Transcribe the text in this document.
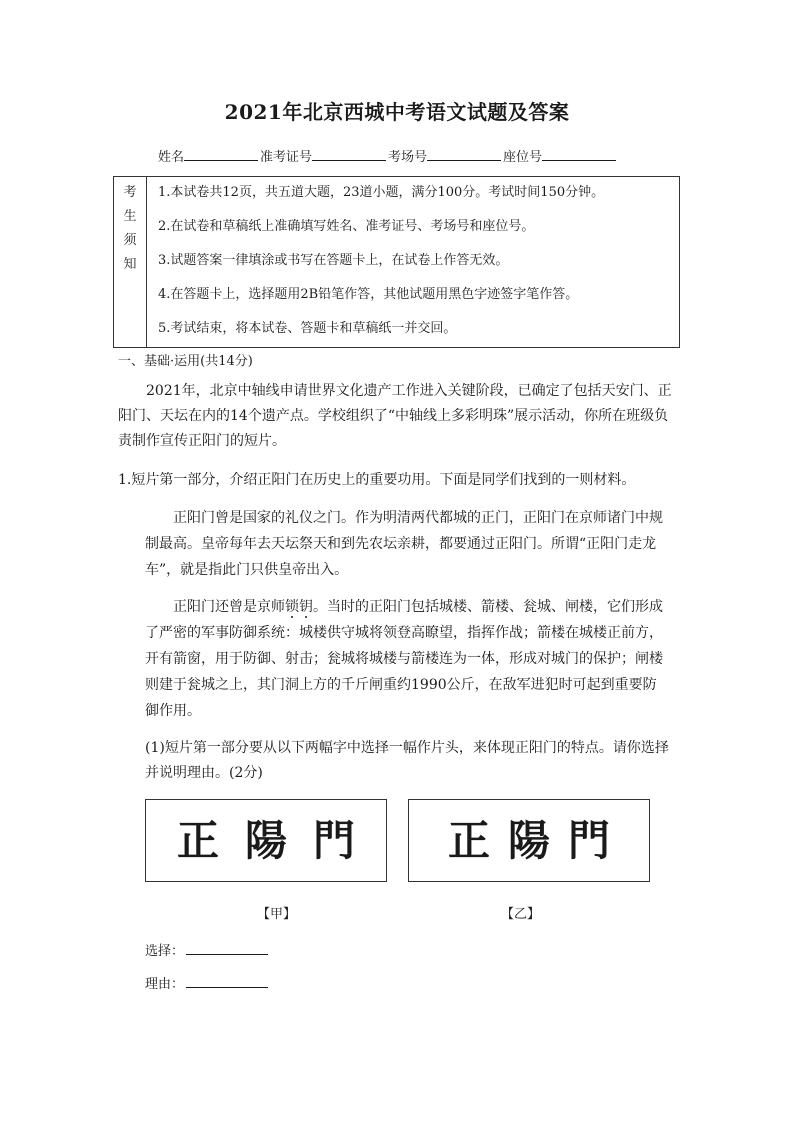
2021年北京西城中考语文试题及答案
姓名	准考证号	考场号	座位号
考
生
须
知
1.本试卷共12页，共五道大题，23道小题，满分100分。考试时间150分钟。
2.在试卷和草稿纸上准确填写姓名、准考证号、考场号和座位号。
3.试题答案一律填涂或书写在答题卡上，在试卷上作答无效。
4.在答题卡上，选择题用2B铅笔作答，其他试题用黑色字迹签字笔作答。
5.考试结束，将本试卷、答题卡和草稿纸一并交回。
一、基础·运用(共14分)
2021年，北京中轴线申请世界文化遗产工作进入关键阶段，已确定了包括天安门、正阳门、天坛在内的14个遗产点。学校组织了“中轴线上多彩明珠”展示活动，你所在班级负责制作宣传正阳门的短片。
1.短片第一部分，介绍正阳门在历史上的重要功用。下面是同学们找到的一则材料。
正阳门曾是国家的礼仪之门。作为明清两代都城的正门，正阳门在京师诸门中规制最高。皇帝每年去天坛祭天和到先农坛亲耕，都要通过正阳门。所谓“正阳门走龙车”，就是指此门只供皇帝出入。
正阳门还曾是京师锁钥。当时的正阳门包括城楼、箭楼、瓮城、闸楼，它们形成了严密的军事防御系统：城楼供守城将领登高瞭望，指挥作战；箭楼在城楼正前方，开有箭窗，用于防御、射击；瓮城将城楼与箭楼连为一体，形成对城门的保护；闸楼则建于瓮城之上，其门洞上方的千斤闸重约1990公斤，在敌军进犯时可起到重要防御作用。
(1)短片第一部分要从以下两幅字中选择一幅作片头，来体现正阳门的特点。请你选择并说明理由。(2分)
正陽門 正陽門
【甲】	【乙】
选择：
理由：
